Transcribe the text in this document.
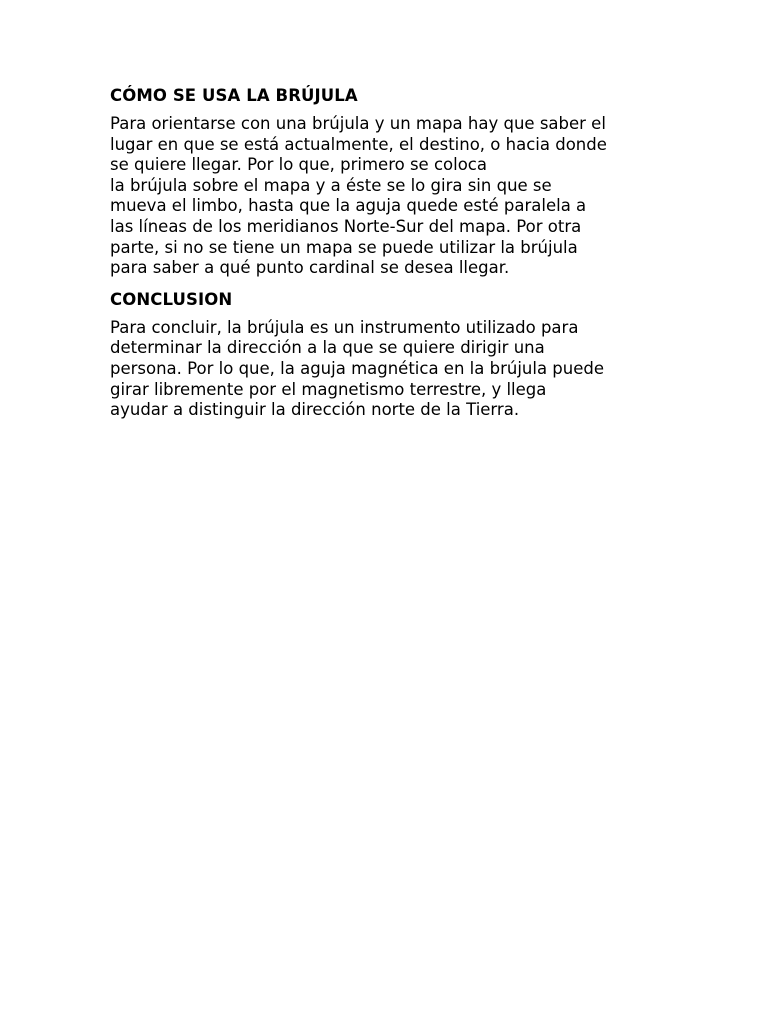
CÓMO SE USA LA BRÚJULA

Para orientarse con una brújula y un mapa hay que saber el
lugar en que se está actualmente, el destino, o hacia donde
se quiere llegar. Por lo que, primero se coloca
la brújula sobre el mapa y a éste se lo gira sin que se
mueva el limbo, hasta que la aguja quede esté paralela a
las líneas de los meridianos Norte-Sur del mapa. Por otra
parte, si no se tiene un mapa se puede utilizar la brújula
para saber a qué punto cardinal se desea llegar.

CONCLUSION

Para concluir, la brújula es un instrumento utilizado para
determinar la dirección a la que se quiere dirigir una
persona. Por lo que, la aguja magnética en la brújula puede
girar libremente por el magnetismo terrestre, y llega
ayudar a distinguir la dirección norte de la Tierra.
